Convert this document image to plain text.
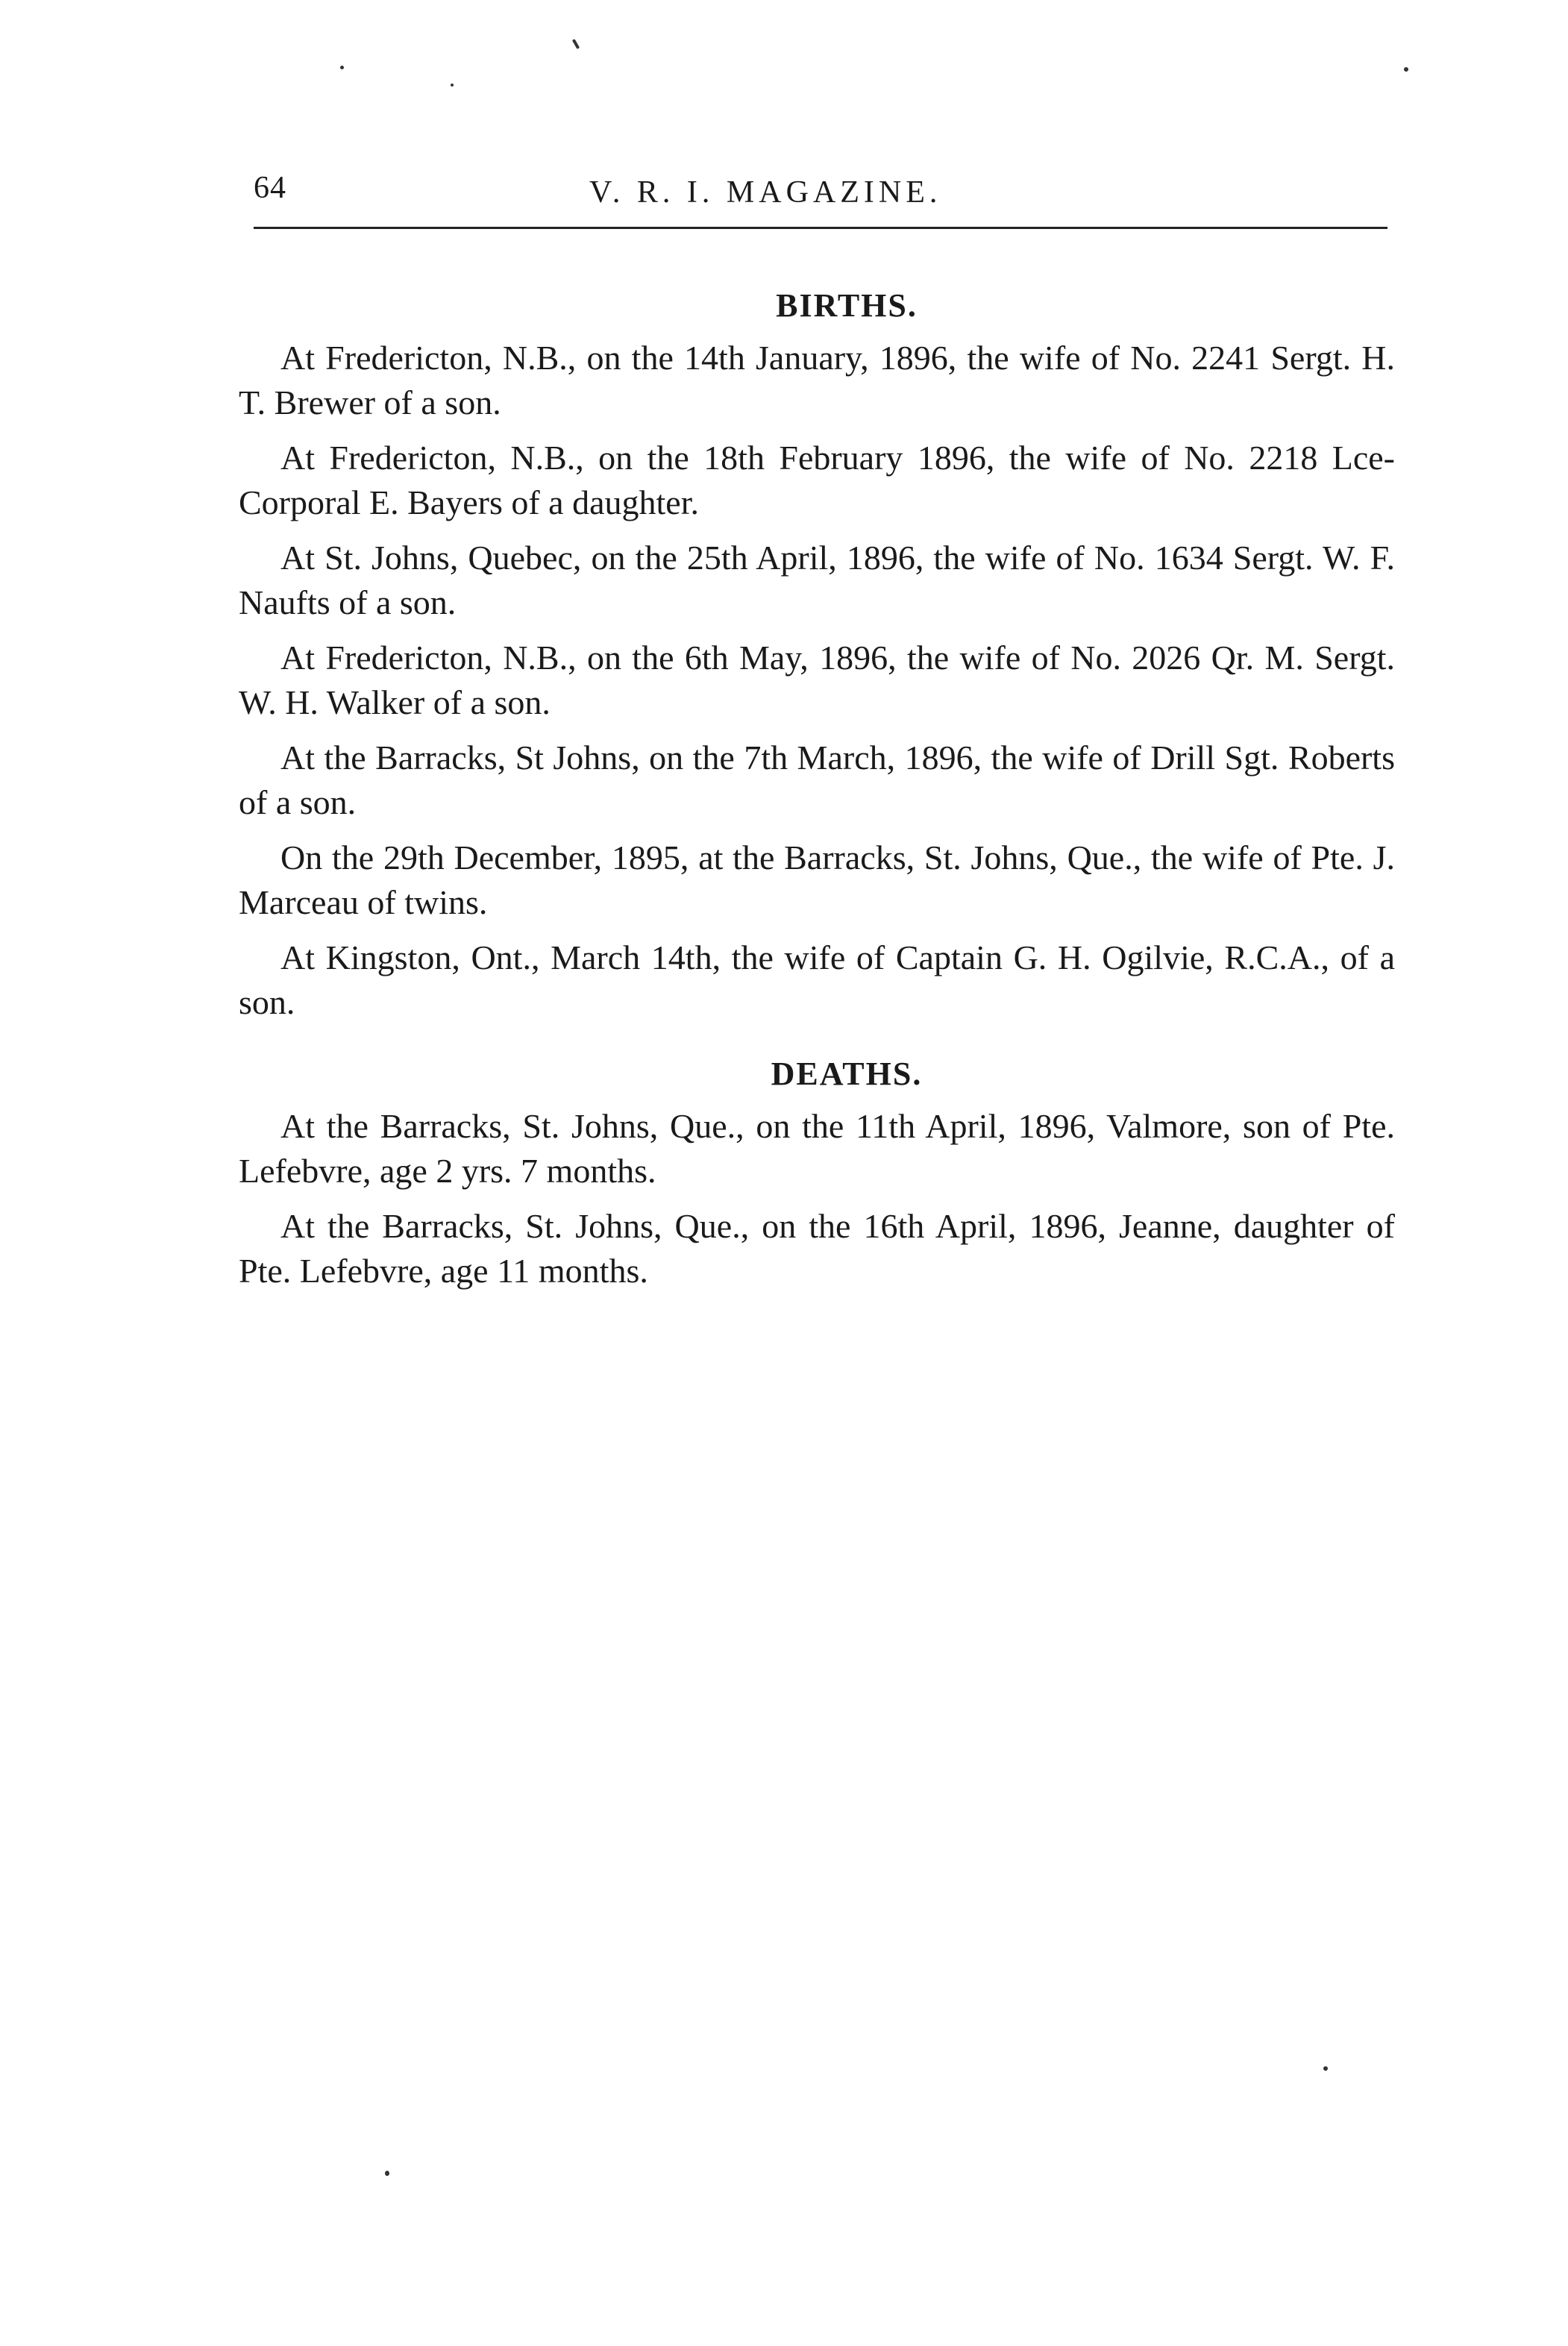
64	V. R. I. MAGAZINE.
BIRTHS.

At Fredericton, N.B., on the 14th January, 1896, the wife of No. 2241 Sergt. H. T. Brewer of a son.

At Fredericton, N.B., on the 18th February 1896, the wife of No. 2218 Lce-Corporal E. Bayers of a daughter.

At St. Johns, Quebec, on the 25th April, 1896, the wife of No. 1634 Sergt. W. F. Naufts of a son.

At Fredericton, N.B., on the 6th May, 1896, the wife of No. 2026 Qr. M. Sergt. W. H. Walker of a son.

At the Barracks, St Johns, on the 7th March, 1896, the wife of Drill Sgt. Roberts of a son.

On the 29th December, 1895, at the Barracks, St. Johns, Que., the wife of Pte. J. Marceau of twins.

At Kingston, Ont., March 14th, the wife of Captain G. H. Ogilvie, R.C.A., of a son.

DEATHS.

At the Barracks, St. Johns, Que., on the 11th April, 1896, Valmore, son of Pte. Lefebvre, age 2 yrs. 7 months.

At the Barracks, St. Johns, Que., on the 16th April, 1896, Jeanne, daughter of Pte. Lefebvre, age 11 months.
